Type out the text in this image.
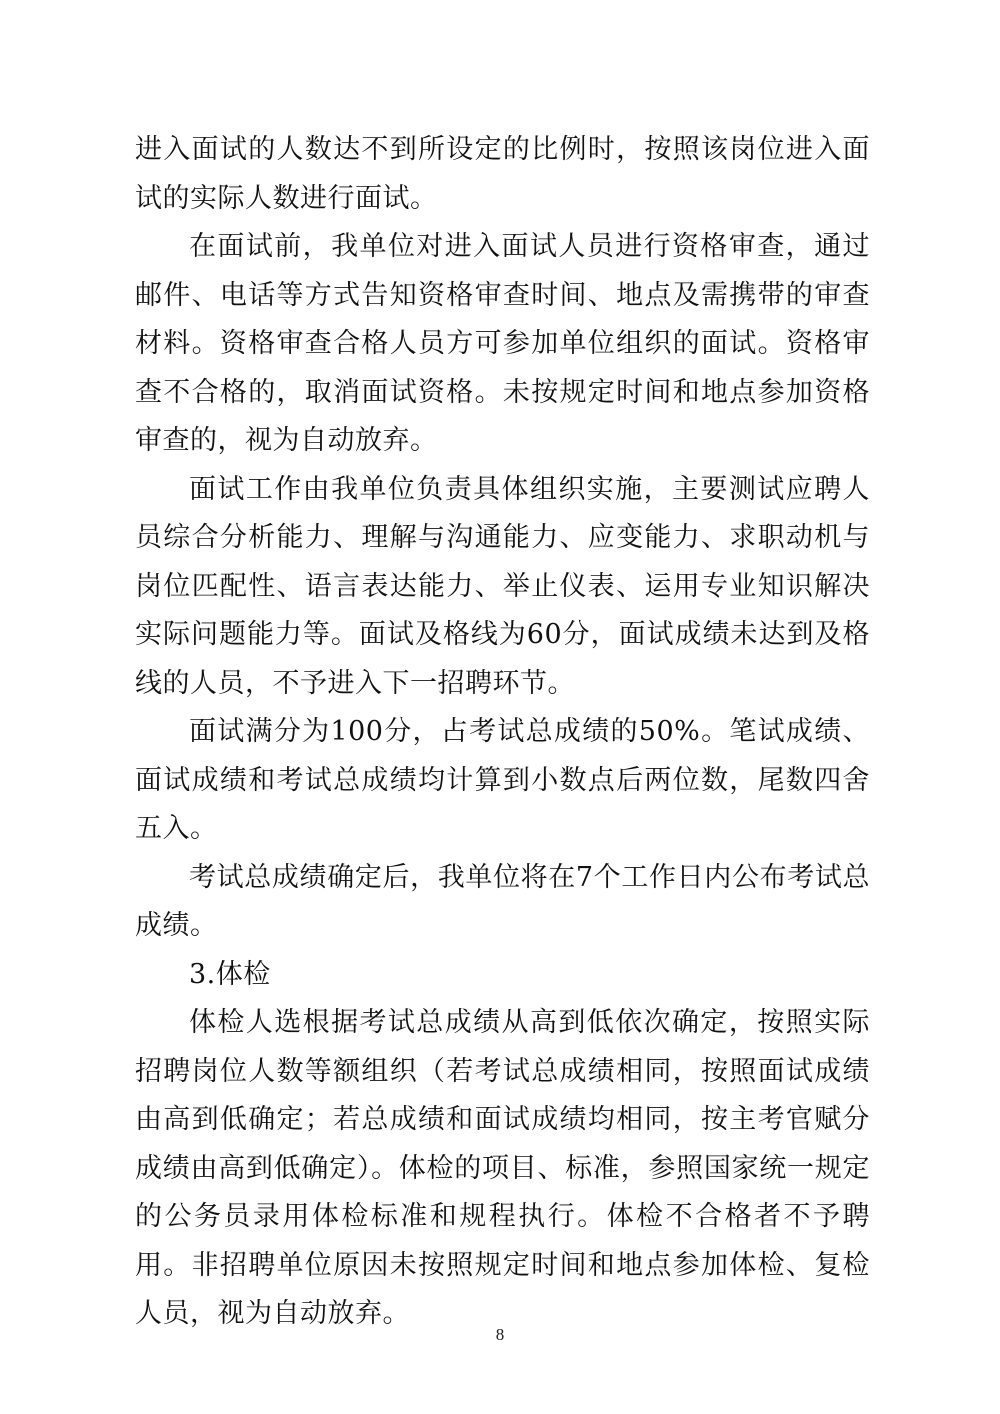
进入面试的人数达不到所设定的比例时，按照该岗位进入面试的实际人数进行面试。

在面试前，我单位对进入面试人员进行资格审查，通过邮件、电话等方式告知资格审查时间、地点及需携带的审查材料。资格审查合格人员方可参加单位组织的面试。资格审查不合格的，取消面试资格。未按规定时间和地点参加资格审查的，视为自动放弃。

面试工作由我单位负责具体组织实施，主要测试应聘人员综合分析能力、理解与沟通能力、应变能力、求职动机与岗位匹配性、语言表达能力、举止仪表、运用专业知识解决实际问题能力等。面试及格线为60分，面试成绩未达到及格线的人员，不予进入下一招聘环节。

面试满分为100分，占考试总成绩的50%。笔试成绩、面试成绩和考试总成绩均计算到小数点后两位数，尾数四舍五入。

考试总成绩确定后，我单位将在7个工作日内公布考试总成绩。

3.体检

体检人选根据考试总成绩从高到低依次确定，按照实际招聘岗位人数等额组织（若考试总成绩相同，按照面试成绩由高到低确定；若总成绩和面试成绩均相同，按主考官赋分成绩由高到低确定）。体检的项目、标准，参照国家统一规定的公务员录用体检标准和规程执行。体检不合格者不予聘用。非招聘单位原因未按照规定时间和地点参加体检、复检人员，视为自动放弃。

8
